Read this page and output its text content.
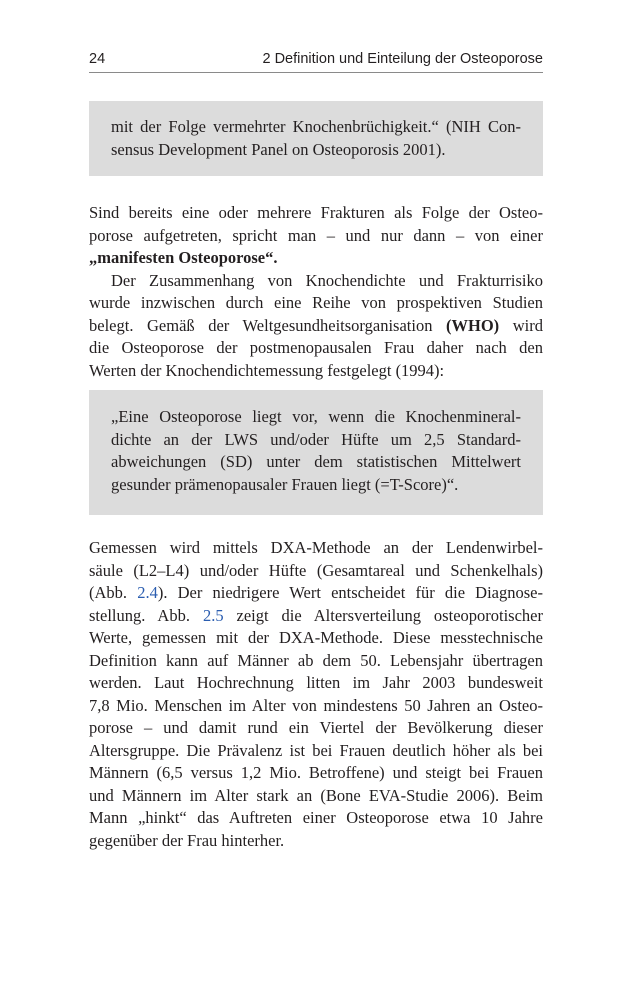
24	2 Definition und Einteilung der Osteoporose
mit der Folge vermehrter Knochenbrüchigkeit.“ (NIH Con-
sensus Development Panel on Osteoporosis 2001).
Sind bereits eine oder mehrere Frakturen als Folge der Osteo-
porose aufgetreten, spricht man – und nur dann – von einer
„manifesten Osteoporose“.
Der Zusammenhang von Knochendichte und Frakturrisiko
wurde inzwischen durch eine Reihe von prospektiven Studien
belegt. Gemäß der Weltgesundheitsorganisation (WHO) wird
die Osteoporose der postmenopausalen Frau daher nach den
Werten der Knochendichtemessung festgelegt (1994):
„Eine Osteoporose liegt vor, wenn die Knochenmineral-
dichte an der LWS und/oder Hüfte um 2,5 Standard-
abweichungen (SD) unter dem statistischen Mittelwert
gesunder prämenopausaler Frauen liegt (=T-Score)“.
Gemessen wird mittels DXA-Methode an der Lendenwirbel-
säule (L2–L4) und/oder Hüfte (Gesamtareal und Schenkelhals)
(Abb. 2.4). Der niedrigere Wert entscheidet für die Diagnose-
stellung. Abb. 2.5 zeigt die Altersverteilung osteoporotischer
Werte, gemessen mit der DXA-Methode. Diese messtechnische
Definition kann auf Männer ab dem 50. Lebensjahr übertragen
werden. Laut Hochrechnung litten im Jahr 2003 bundesweit
7,8 Mio. Menschen im Alter von mindestens 50 Jahren an Osteo-
porose – und damit rund ein Viertel der Bevölkerung dieser
Altersgruppe. Die Prävalenz ist bei Frauen deutlich höher als bei
Männern (6,5 versus 1,2 Mio. Betroffene) und steigt bei Frauen
und Männern im Alter stark an (Bone EVA-Studie 2006). Beim
Mann „hinkt“ das Auftreten einer Osteoporose etwa 10 Jahre
gegenüber der Frau hinterher.
